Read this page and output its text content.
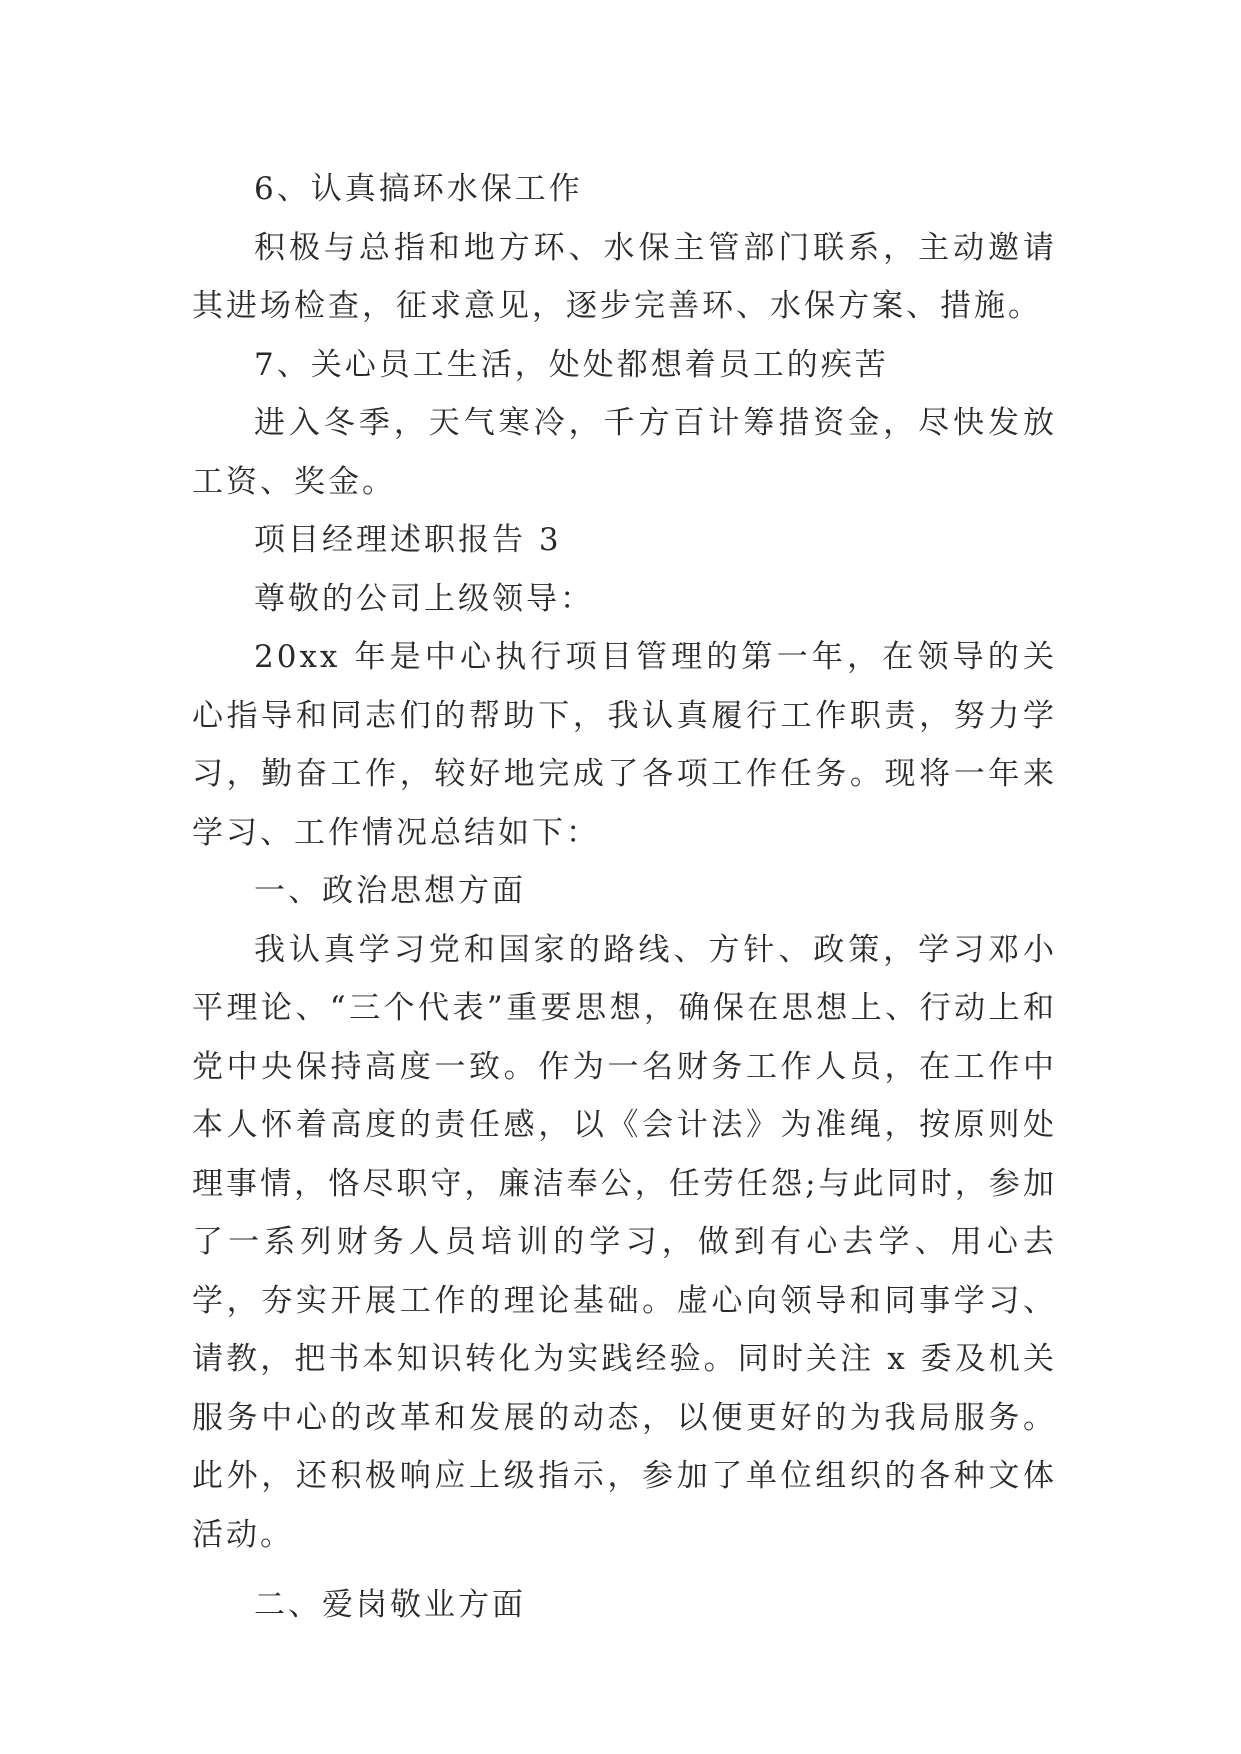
6、认真搞环水保工作

积极与总指和地方环、水保主管部门联系，主动邀请其进场检查，征求意见，逐步完善环、水保方案、措施。

7、关心员工生活，处处都想着员工的疾苦

进入冬季，天气寒冷，千方百计筹措资金，尽快发放工资、奖金。

项目经理述职报告 3

尊敬的公司上级领导：

20xx 年是中心执行项目管理的第一年，在领导的关心指导和同志们的帮助下，我认真履行工作职责，努力学习，勤奋工作，较好地完成了各项工作任务。现将一年来学习、工作情况总结如下：

一、政治思想方面

我认真学习党和国家的路线、方针、政策，学习邓小平理论、“三个代表”重要思想，确保在思想上、行动上和党中央保持高度一致。作为一名财务工作人员，在工作中本人怀着高度的责任感，以《会计法》为准绳，按原则处理事情，恪尽职守，廉洁奉公，任劳任怨;与此同时，参加了一系列财务人员培训的学习，做到有心去学、用心去学，夯实开展工作的理论基础。虚心向领导和同事学习、请教，把书本知识转化为实践经验。同时关注 x 委及机关服务中心的改革和发展的动态，以便更好的为我局服务。此外，还积极响应上级指示，参加了单位组织的各种文体活动。

二、爱岗敬业方面
